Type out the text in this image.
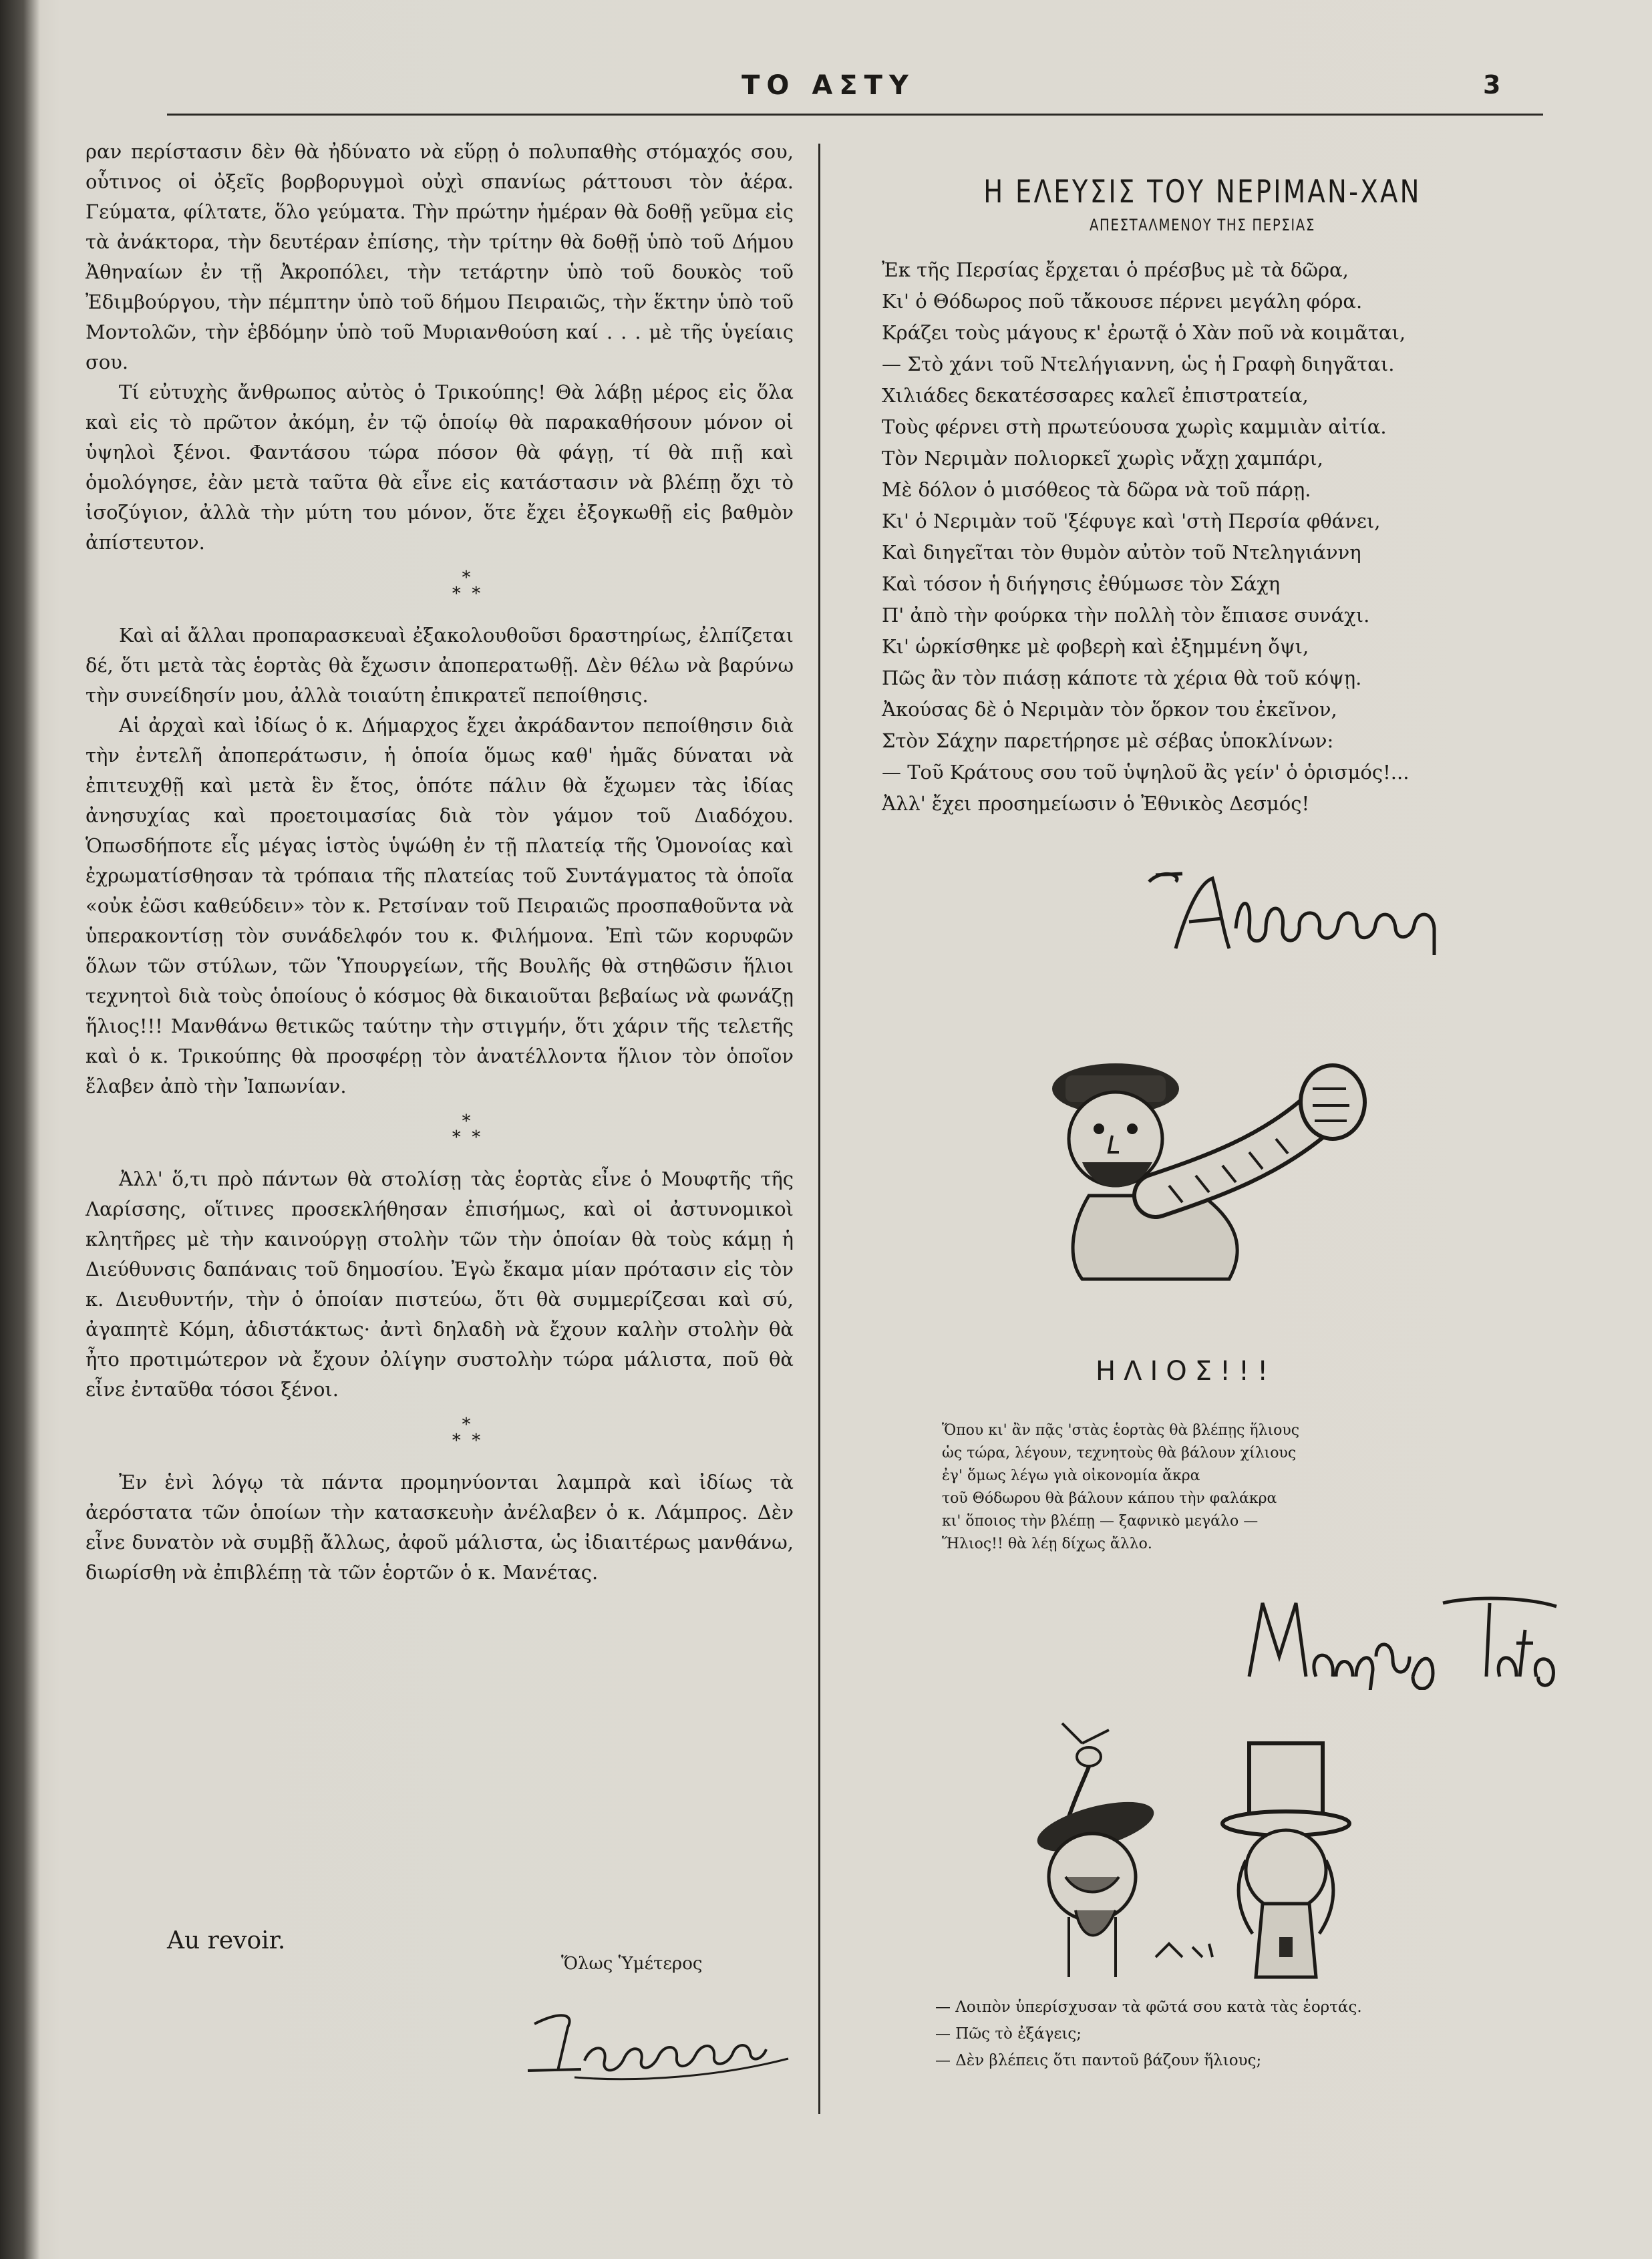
ΤΟ ΑΣΤΥ	3

ραν περίστασιν δὲν θὰ ἠδύνατο νὰ εὕρῃ ὁ πολυπαθὴς στόμαχός σου, οὗτινος οἱ ὀξεῖς βορβορυγμοὶ οὐχὶ σπανίως ράττουσι τὸν ἀέρα. Γεύματα, φίλτατε, ὅλο γεύματα. Τὴν πρώτην ἡμέραν θὰ δοθῇ γεῦμα εἰς τὰ ἀνάκτορα, τὴν δευτέραν ἐπίσης, τὴν τρίτην θὰ δοθῇ ὑπὸ τοῦ Δήμου Ἀθηναίων ἐν τῇ Ἀκροπόλει, τὴν τετάρτην ὑπὸ τοῦ δουκὸς τοῦ Ἐδιμβούργου, τὴν πέμπτην ὑπὸ τοῦ δήμου Πειραιῶς, τὴν ἕκτην ὑπὸ τοῦ Μοντολῶν, τὴν ἑβδόμην ὑπὸ τοῦ Μυριανθούση καί . . . μὲ τῆς ὑγείαις σου.

Τί εὐτυχὴς ἄνθρωπος αὐτὸς ὁ Τρικούπης! Θὰ λάβῃ μέρος εἰς ὅλα καὶ εἰς τὸ πρῶτον ἀκόμη, ἐν τῷ ὁποίῳ θὰ παρακαθήσουν μόνον οἱ ὑψηλοὶ ξένοι. Φαντάσου τώρα πόσον θὰ φάγῃ, τί θὰ πιῇ καὶ ὁμολόγησε, ἐὰν μετὰ ταῦτα θὰ εἶνε εἰς κατάστασιν νὰ βλέπῃ ὄχι τὸ ἰσοζύγιον, ἀλλὰ τὴν μύτη του μόνον, ὅτε ἔχει ἐξογκωθῇ εἰς βαθμὸν ἀπίστευτον.

*
* *

Καὶ αἱ ἄλλαι προπαρασκευαὶ ἐξακολουθοῦσι δραστηρίως, ἐλπίζεται δέ, ὅτι μετὰ τὰς ἑορτὰς θὰ ἔχωσιν ἀποπερατωθῇ. Δὲν θέλω νὰ βαρύνω τὴν συνείδησίν μου, ἀλλὰ τοιαύτη ἐπικρατεῖ πεποίθησις.

Αἱ ἀρχαὶ καὶ ἰδίως ὁ κ. Δήμαρχος ἔχει ἀκράδαντον πεποίθησιν διὰ τὴν ἐντελῆ ἀποπεράτωσιν, ἡ ὁποία ὅμως καθ' ἡμᾶς δύναται νὰ ἐπιτευχθῇ καὶ μετὰ ἓν ἔτος, ὁπότε πάλιν θὰ ἔχωμεν τὰς ἰδίας ἀνησυχίας καὶ προετοιμασίας διὰ τὸν γάμον τοῦ Διαδόχου. Ὁπωσδήποτε εἷς μέγας ἱστὸς ὑψώθη ἐν τῇ πλατείᾳ τῆς Ὁμονοίας καὶ ἐχρωματίσθησαν τὰ τρόπαια τῆς πλατείας τοῦ Συντάγματος τὰ ὁποῖα «οὐκ ἐῶσι καθεύδειν» τὸν κ. Ρετσίναν τοῦ Πειραιῶς προσπαθοῦντα νὰ ὑπερακοντίσῃ τὸν συνάδελφόν του κ. Φιλήμονα. Ἐπὶ τῶν κορυφῶν ὅλων τῶν στύλων, τῶν Ὑπουργείων, τῆς Βουλῆς θὰ στηθῶσιν ἥλιοι τεχνητοὶ διὰ τοὺς ὁποίους ὁ κόσμος θὰ δικαιοῦται βεβαίως νὰ φωνάζῃ ἥλιος!!! Μανθάνω θετικῶς ταύτην τὴν στιγμήν, ὅτι χάριν τῆς τελετῆς καὶ ὁ κ. Τρικούπης θὰ προσφέρῃ τὸν ἀνατέλλοντα ἥλιον τὸν ὁποῖον ἔλαβεν ἀπὸ τὴν Ἰαπωνίαν.

*
* *

Ἀλλ' ὅ,τι πρὸ πάντων θὰ στολίσῃ τὰς ἑορτὰς εἶνε ὁ Μουφτῆς τῆς Λαρίσσης, οἵτινες προσεκλήθησαν ἐπισήμως, καὶ οἱ ἀστυνομικοὶ κλητῆρες μὲ τὴν καινούργῃ στολὴν τῶν τὴν ὁποίαν θὰ τοὺς κάμῃ ἡ Διεύθυνσις δαπάναις τοῦ δημοσίου. Ἐγὼ ἔκαμα μίαν πρότασιν εἰς τὸν κ. Διευθυντήν, τὴν ὁ ὁποίαν πιστεύω, ὅτι θὰ συμμερίζεσαι καὶ σύ, ἀγαπητὲ Κόμη, ἀδιστάκτως· ἀντὶ δηλαδὴ νὰ ἔχουν καλὴν στολὴν θὰ ἦτο προτιμώτερον νὰ ἔχουν ὀλίγην συστολὴν τώρα μάλιστα, ποῦ θὰ εἶνε ἐνταῦθα τόσοι ξένοι.

*
* *

Ἐν ἑνὶ λόγῳ τὰ πάντα προμηνύονται λαμπρὰ καὶ ἰδίως τὰ ἀερόστατα τῶν ὁποίων τὴν κατασκευὴν ἀνέλαβεν ὁ κ. Λάμπρος. Δὲν εἶνε δυνατὸν νὰ συμβῇ ἄλλως, ἀφοῦ μάλιστα, ὡς ἰδιαιτέρως μανθάνω, διωρίσθη νὰ ἐπιβλέπῃ τὰ τῶν ἑορτῶν ὁ κ. Μανέτας.

Au revoir.
Ὅλως Ὑμέτερος
Η ΕΛΕΥΣΙΣ ΤΟΥ ΝΕΡΙΜΑΝ-ΧΑΝ
ΑΠΕΣΤΑΛΜΕΝΟΥ ΤΗΣ ΠΕΡΣΙΑΣ
Ἐκ τῆς Περσίας ἔρχεται ὁ πρέσβυς μὲ τὰ δῶρα,
Κι' ὁ Θόδωρος ποῦ τἄκουσε πέρνει μεγάλη φόρα.
Κράζει τοὺς μάγους κ' ἐρωτᾷ ὁ Χὰν ποῦ νὰ κοιμᾶται,
— Στὸ χάνι τοῦ Ντελήγιαννη, ὡς ἡ Γραφὴ διηγᾶται.
Χιλιάδες δεκατέσσαρες καλεῖ ἐπιστρατεία,
Τοὺς φέρνει στὴ πρωτεύουσα χωρὶς καμμιὰν αἰτία.
Τὸν Νεριμὰν πολιορκεῖ χωρὶς νἄχῃ χαμπάρι,
Μὲ δόλον ὁ μισόθεος τὰ δῶρα νὰ τοῦ πάρῃ.
Κι' ὁ Νεριμὰν τοῦ 'ξέφυγε καὶ 'στὴ Περσία φθάνει,
Καὶ διηγεῖται τὸν θυμὸν αὐτὸν τοῦ Ντεληγιάννη
Καὶ τόσον ἡ διήγησις ἐθύμωσε τὸν Σάχη
Π' ἀπὸ τὴν φούρκα τὴν πολλὴ τὸν ἔπιασε συνάχι.
Κι' ὡρκίσθηκε μὲ φοβερὴ καὶ ἐξημμένη ὄψι,
Πῶς ἂν τὸν πιάσῃ κάποτε τὰ χέρια θὰ τοῦ κόψῃ.
Ἀκούσας δὲ ὁ Νεριμὰν τὸν ὅρκον του ἐκεῖνον,
Στὸν Σάχην παρετήρησε μὲ σέβας ὑποκλίνων:
— Τοῦ Κράτους σου τοῦ ὑψηλοῦ ἂς γείν' ὁ ὁρισμός!...
Ἀλλ' ἔχει προσημείωσιν ὁ Ἐθνικὸς Δεσμός!
ΗΛΙΟΣ!!!
Ὅπου κι' ἂν πᾷς 'στὰς ἑορτὰς θὰ βλέπῃς ἥλιους
ὡς τώρα, λέγουν, τεχνητοὺς θὰ βάλουν χίλιους
ἐγ' ὅμως λέγω γιὰ οἰκονομία ἄκρα
τοῦ Θόδωρου θὰ βάλουν κάπου τὴν φαλάκρα
κι' ὅποιος τὴν βλέπῃ — ξαφνικὸ μεγάλο —
Ἥλιος!! θὰ λέῃ δίχως ἄλλο.
— Λοιπὸν ὑπερίσχυσαν τὰ φῶτά σου κατὰ τὰς ἑορτάς.
— Πῶς τὸ ἐξάγεις;
— Δὲν βλέπεις ὅτι παντοῦ βάζουν ἥλιους;
